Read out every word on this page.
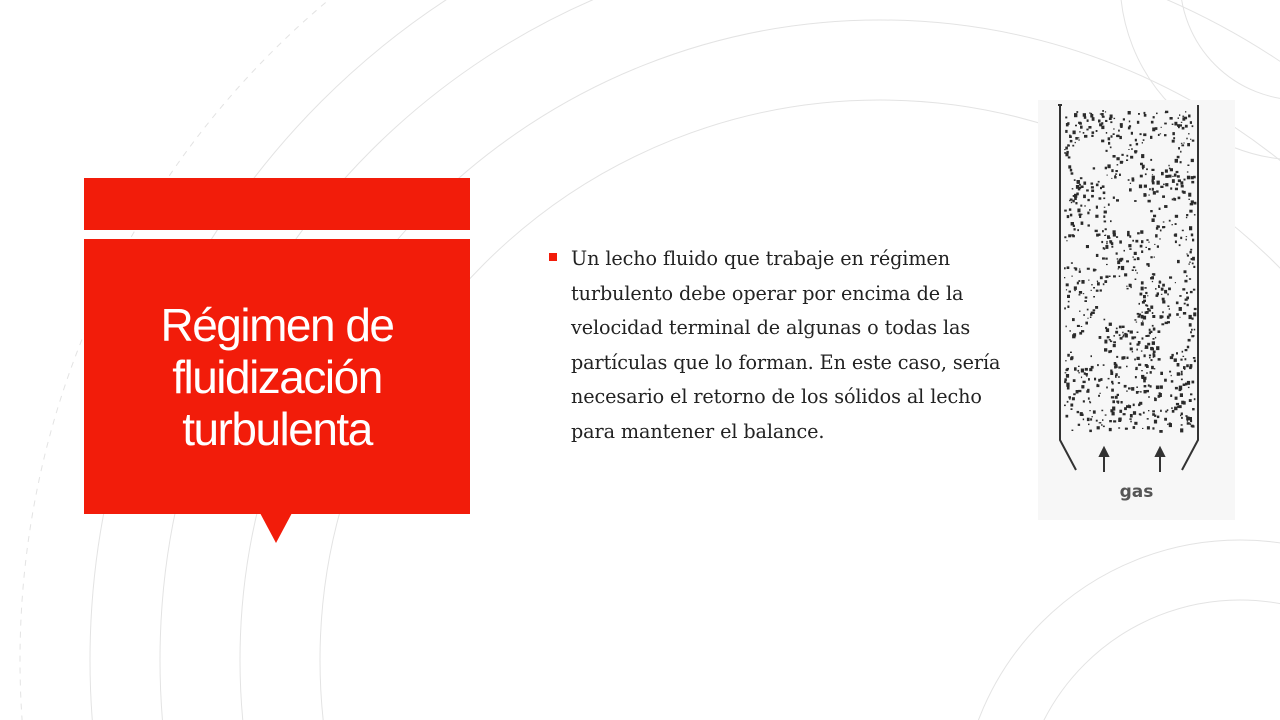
Régimen de fluidización turbulenta
Un lecho fluido que trabaje en régimen turbulento debe operar por encima de la velocidad terminal de algunas o todas las partículas que lo forman. En este caso, sería necesario el retorno de los sólidos al lecho para mantener el balance.
gas
